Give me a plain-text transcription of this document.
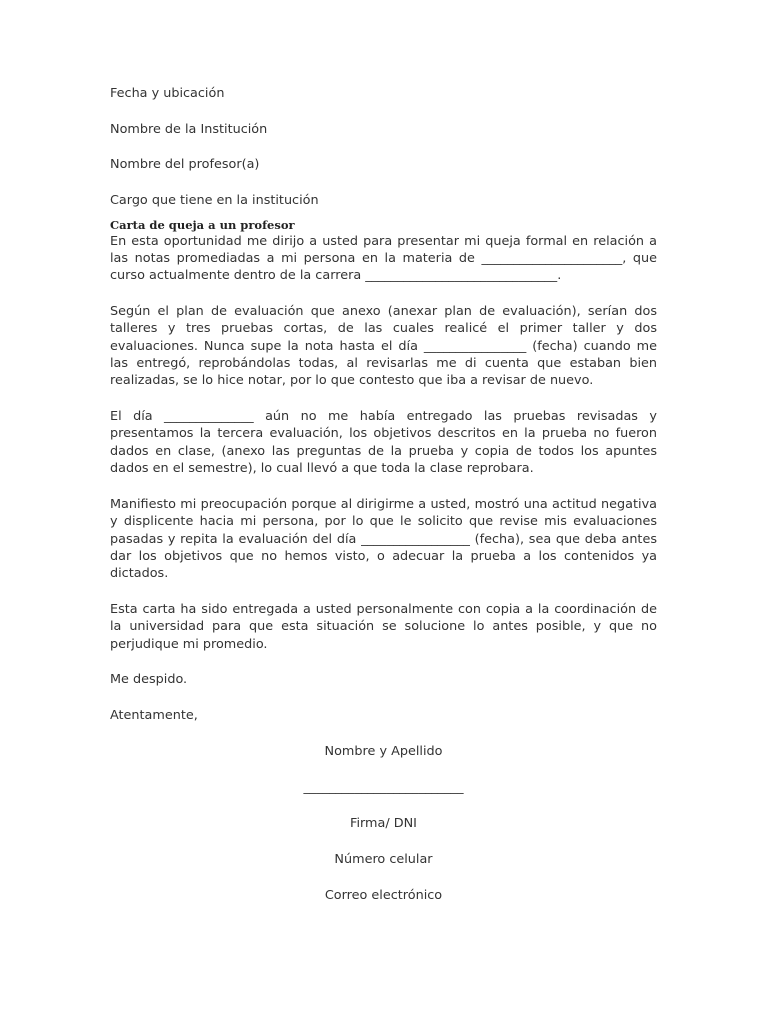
Fecha y ubicación
Nombre de la Institución
Nombre del profesor(a)
Cargo que tiene en la institución
Carta de queja a un profesor

En esta oportunidad me dirijo a usted para presentar mi queja formal en relación a las notas promediadas a mi persona en la materia de ______________________, que curso actualmente dentro de la carrera ______________________________.

Según el plan de evaluación que anexo (anexar plan de evaluación), serían dos talleres y tres pruebas cortas, de las cuales realicé el primer taller y dos evaluaciones. Nunca supe la nota hasta el día ________________ (fecha) cuando me las entregó, reprobándolas todas, al revisarlas me di cuenta que estaban bien realizadas, se lo hice notar, por lo que contesto que iba a revisar de nuevo.

El día ______________ aún no me había entregado las pruebas revisadas y presentamos la tercera evaluación, los objetivos descritos en la prueba no fueron dados en clase, (anexo las preguntas de la prueba y copia de todos los apuntes dados en el semestre), lo cual llevó a que toda la clase reprobara.

Manifiesto mi preocupación porque al dirigirme a usted, mostró una actitud negativa y displicente hacia mi persona, por lo que le solicito que revise mis evaluaciones pasadas y repita la evaluación del día _________________ (fecha), sea que deba antes dar los objetivos que no hemos visto, o adecuar la prueba a los contenidos ya dictados.

Esta carta ha sido entregada a usted personalmente con copia a la coordinación de la universidad para que esta situación se solucione lo antes posible, y que no perjudique mi promedio.

Me despido.
Atentamente,
Nombre y Apellido
_________________________
Firma/ DNI
Número celular
Correo electrónico
